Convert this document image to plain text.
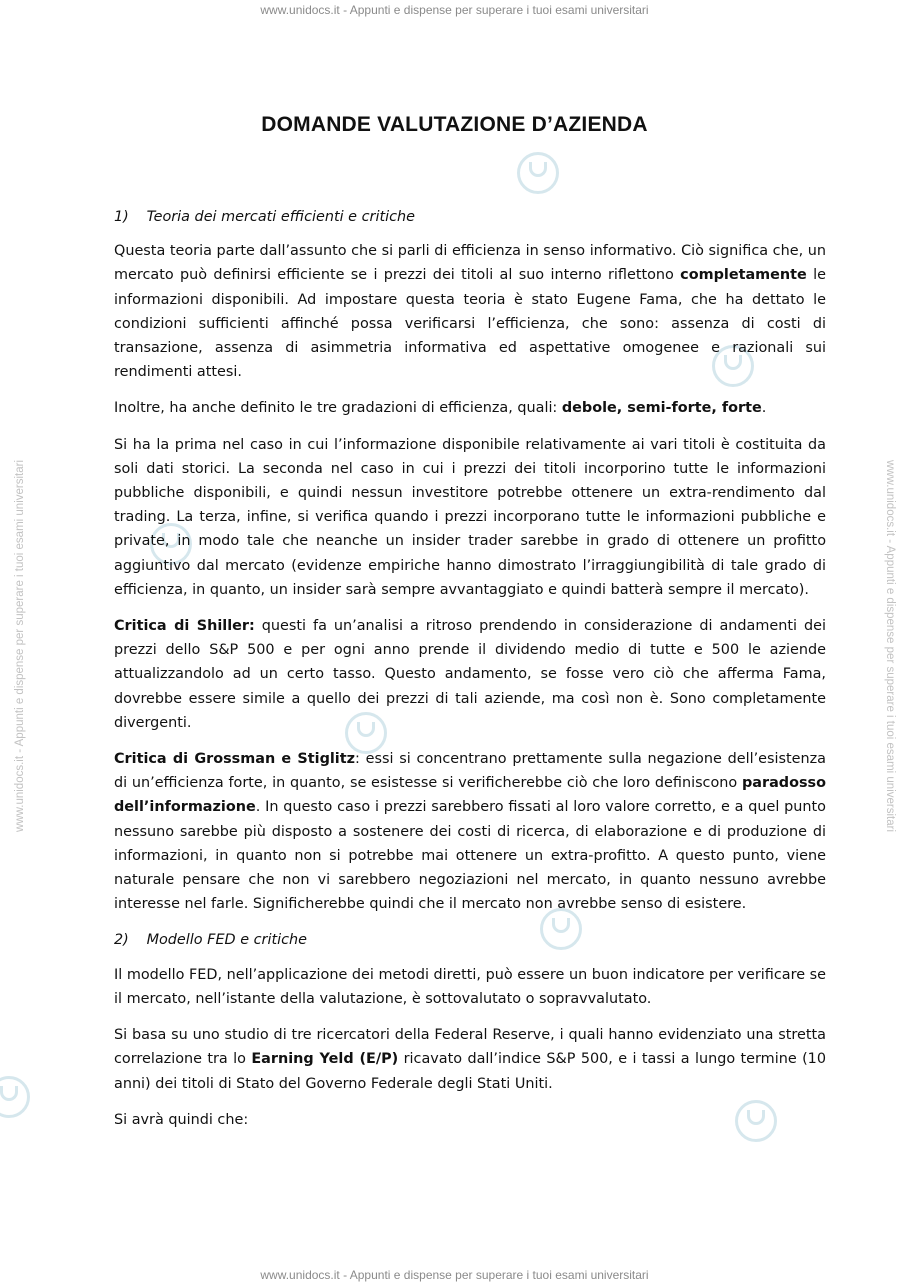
www.unidocs.it - Appunti e dispense per superare i tuoi esami universitari
www.unidocs.it - Appunti e dispense per superare i tuoi esami universitari	www.unidocs.it - Appunti e dispense per superare i tuoi esami universitari
DOMANDE VALUTAZIONE D’AZIENDA
1) Teoria dei mercati efficienti e critiche

Questa teoria parte dall’assunto che si parli di efficienza in senso informativo. Ciò significa che, un mercato può definirsi efficiente se i prezzi dei titoli al suo interno riflettono completamente le informazioni disponibili. Ad impostare questa teoria è stato Eugene Fama, che ha dettato le condizioni sufficienti affinché possa verificarsi l’efficienza, che sono: assenza di costi di transazione, assenza di asimmetria informativa ed aspettative omogenee e razionali sui rendimenti attesi.

Inoltre, ha anche definito le tre gradazioni di efficienza, quali: debole, semi-forte, forte.

Si ha la prima nel caso in cui l’informazione disponibile relativamente ai vari titoli è costituita da soli dati storici. La seconda nel caso in cui i prezzi dei titoli incorporino tutte le informazioni pubbliche disponibili, e quindi nessun investitore potrebbe ottenere un extra-rendimento dal trading. La terza, infine, si verifica quando i prezzi incorporano tutte le informazioni pubbliche e private, in modo tale che neanche un insider trader sarebbe in grado di ottenere un profitto aggiuntivo dal mercato (evidenze empiriche hanno dimostrato l’irraggiungibilità di tale grado di efficienza, in quanto, un insider sarà sempre avvantaggiato e quindi batterà sempre il mercato).

Critica di Shiller: questi fa un’analisi a ritroso prendendo in considerazione di andamenti dei prezzi dello S&P 500 e per ogni anno prende il dividendo medio di tutte e 500 le aziende attualizzandolo ad un certo tasso. Questo andamento, se fosse vero ciò che afferma Fama, dovrebbe essere simile a quello dei prezzi di tali aziende, ma così non è. Sono completamente divergenti.

Critica di Grossman e Stiglitz: essi si concentrano prettamente sulla negazione dell’esistenza di un’efficienza forte, in quanto, se esistesse si verificherebbe ciò che loro definiscono paradosso dell’informazione. In questo caso i prezzi sarebbero fissati al loro valore corretto, e a quel punto nessuno sarebbe più disposto a sostenere dei costi di ricerca, di elaborazione e di produzione di informazioni, in quanto non si potrebbe mai ottenere un extra-profitto. A questo punto, viene naturale pensare che non vi sarebbero negoziazioni nel mercato, in quanto nessuno avrebbe interesse nel farle. Significherebbe quindi che il mercato non avrebbe senso di esistere.

2) Modello FED e critiche

Il modello FED, nell’applicazione dei metodi diretti, può essere un buon indicatore per verificare se il mercato, nell’istante della valutazione, è sottovalutato o sopravvalutato.

Si basa su uno studio di tre ricercatori della Federal Reserve, i quali hanno evidenziato una stretta correlazione tra lo Earning Yeld (E/P) ricavato dall’indice S&P 500, e i tassi a lungo termine (10 anni) dei titoli di Stato del Governo Federale degli Stati Uniti.

Si avrà quindi che:

www.unidocs.it - Appunti e dispense per superare i tuoi esami universitari
